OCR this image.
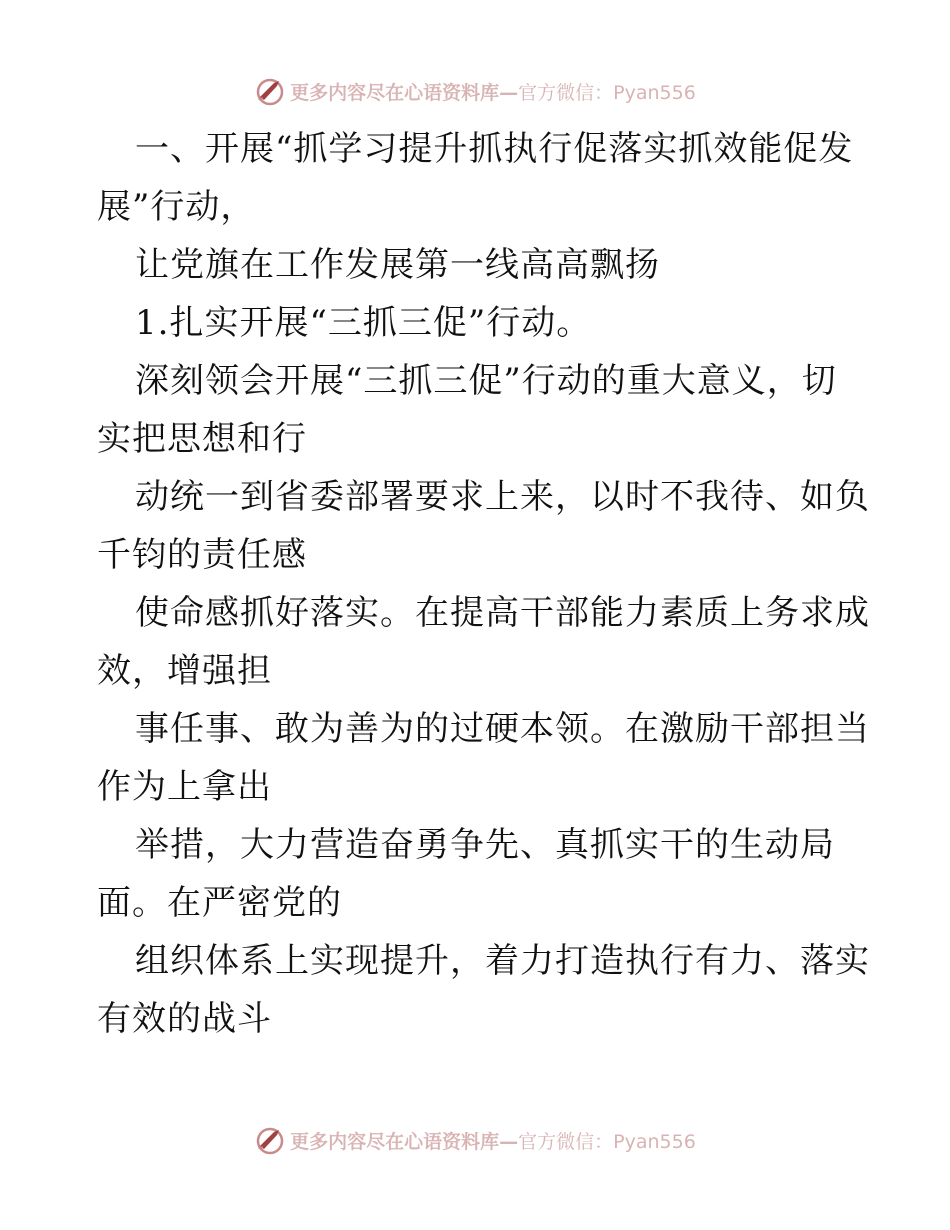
更多内容尽在心语资料库—官方微信：Pyan556
一、开展“抓学习提升抓执行促落实抓效能促发
展”行动，
让党旗在工作发展第一线高高飘扬
1.扎实开展“三抓三促”行动。
深刻领会开展“三抓三促”行动的重大意义，切
实把思想和行
动统一到省委部署要求上来，以时不我待、如负
千钧的责任感
使命感抓好落实。在提高干部能力素质上务求成
效，增强担
事任事、敢为善为的过硬本领。在激励干部担当
作为上拿出
举措，大力营造奋勇争先、真抓实干的生动局
面。在严密党的
组织体系上实现提升，着力打造执行有力、落实
有效的战斗
更多内容尽在心语资料库—官方微信：Pyan556
